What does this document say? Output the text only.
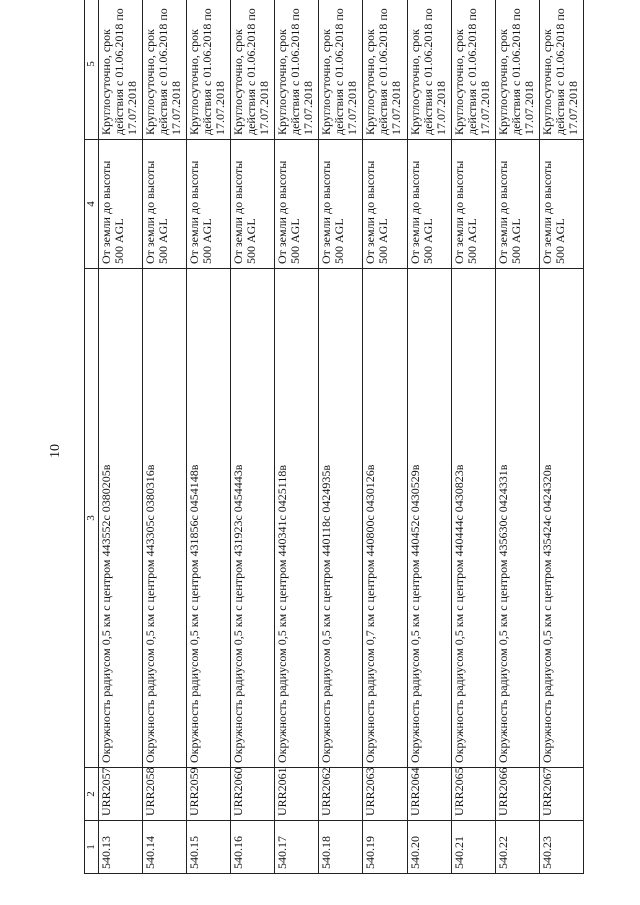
10
1	2	3	4	5
540.13	URR2057	Окружность радиусом 0,5 км с центром 443552с 0380205в	От земли до высоты 500 AGL	Круглосуточно, срок действия с 01.06.2018 по 17.07.2018
540.14	URR2058	Окружность радиусом 0,5 км с центром 443305с 0380316в	От земли до высоты 500 AGL	Круглосуточно, срок действия с 01.06.2018 по 17.07.2018
540.15	URR2059	Окружность радиусом 0,5 км с центром 431856с 0454148в	От земли до высоты 500 AGL	Круглосуточно, срок действия с 01.06.2018 по 17.07.2018
540.16	URR2060	Окружность радиусом 0,5 км с центром 431923с 0454443в	От земли до высоты 500 AGL	Круглосуточно, срок действия с 01.06.2018 по 17.07.2018
540.17	URR2061	Окружность радиусом 0,5 км с центром 440341с 0425118в	От земли до высоты 500 AGL	Круглосуточно, срок действия с 01.06.2018 по 17.07.2018
540.18	URR2062	Окружность радиусом 0,5 км с центром 440118с 0424935в	От земли до высоты 500 AGL	Круглосуточно, срок действия с 01.06.2018 по 17.07.2018
540.19	URR2063	Окружность радиусом 0,7 км с центром 440800с 0430126в	От земли до высоты 500 AGL	Круглосуточно, срок действия с 01.06.2018 по 17.07.2018
540.20	URR2064	Окружность радиусом 0,5 км с центром 440452с 0430529в	От земли до высоты 500 AGL	Круглосуточно, срок действия с 01.06.2018 по 17.07.2018
540.21	URR2065	Окружность радиусом 0,5 км с центром 440444с 0430823в	От земли до высоты 500 AGL	Круглосуточно, срок действия с 01.06.2018 по 17.07.2018
540.22	URR2066	Окружность радиусом 0,5 км с центром 435630с 0424331в	От земли до высоты 500 AGL	Круглосуточно, срок действия с 01.06.2018 по 17.07.2018
540.23	URR2067	Окружность радиусом 0,5 км с центром 435424с 0424320в	От земли до высоты 500 AGL	Круглосуточно, срок действия с 01.06.2018 по 17.07.2018
